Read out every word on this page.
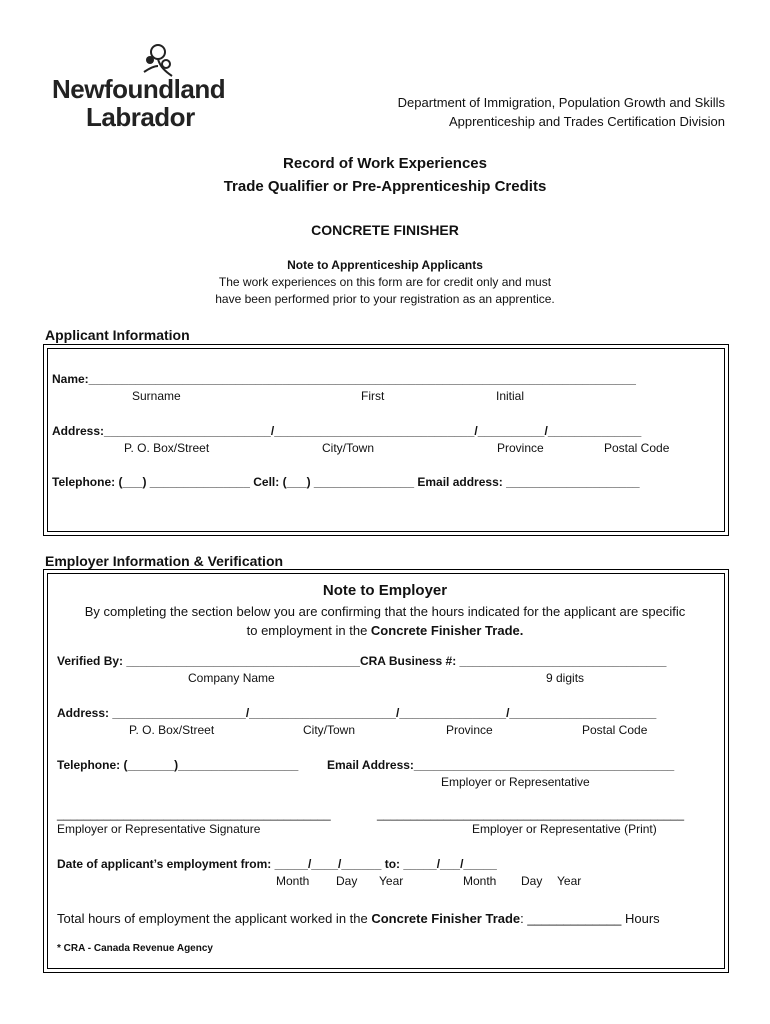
Newfoundland
Labrador	Department of Immigration, Population Growth and Skills
Apprenticeship and Trades Certification Division
Record of Work Experiences
Trade Qualifier or Pre-Apprenticeship Credits
CONCRETE FINISHER
Note to Apprenticeship Applicants
The work experiences on this form are for credit only and must
have been performed prior to your registration as an apprentice.
Applicant Information
Name:__________________________________________________________________________________
Surname	First	Initial
Address:_________________________/______________________________/__________/______________
P. O. Box/Street	City/Town	Province	Postal Code
Telephone: (___) _______________ Cell: (___) _______________ Email address: ____________________
Employer Information & Verification
Note to Employer
By completing the section below you are confirming that the hours indicated for the applicant are specific
to employment in the Concrete Finisher Trade.
Verified By: ___________________________________CRA Business #: _______________________________
Company Name	9 digits
Address: ____________________/______________________/________________/______________________
P. O. Box/Street	City/Town	Province	Postal Code
Telephone: (_______)__________________ Email Address:_______________________________________
Employer or Representative
_________________________________________	______________________________________________
Employer or Representative Signature	Employer or Representative (Print)
Date of applicant’s employment from: _____/____/______ to: _____/___/_____
Month Day Year	Month Day Year
Total hours of employment the applicant worked in the Concrete Finisher Trade: _____________ Hours
* CRA - Canada Revenue Agency
